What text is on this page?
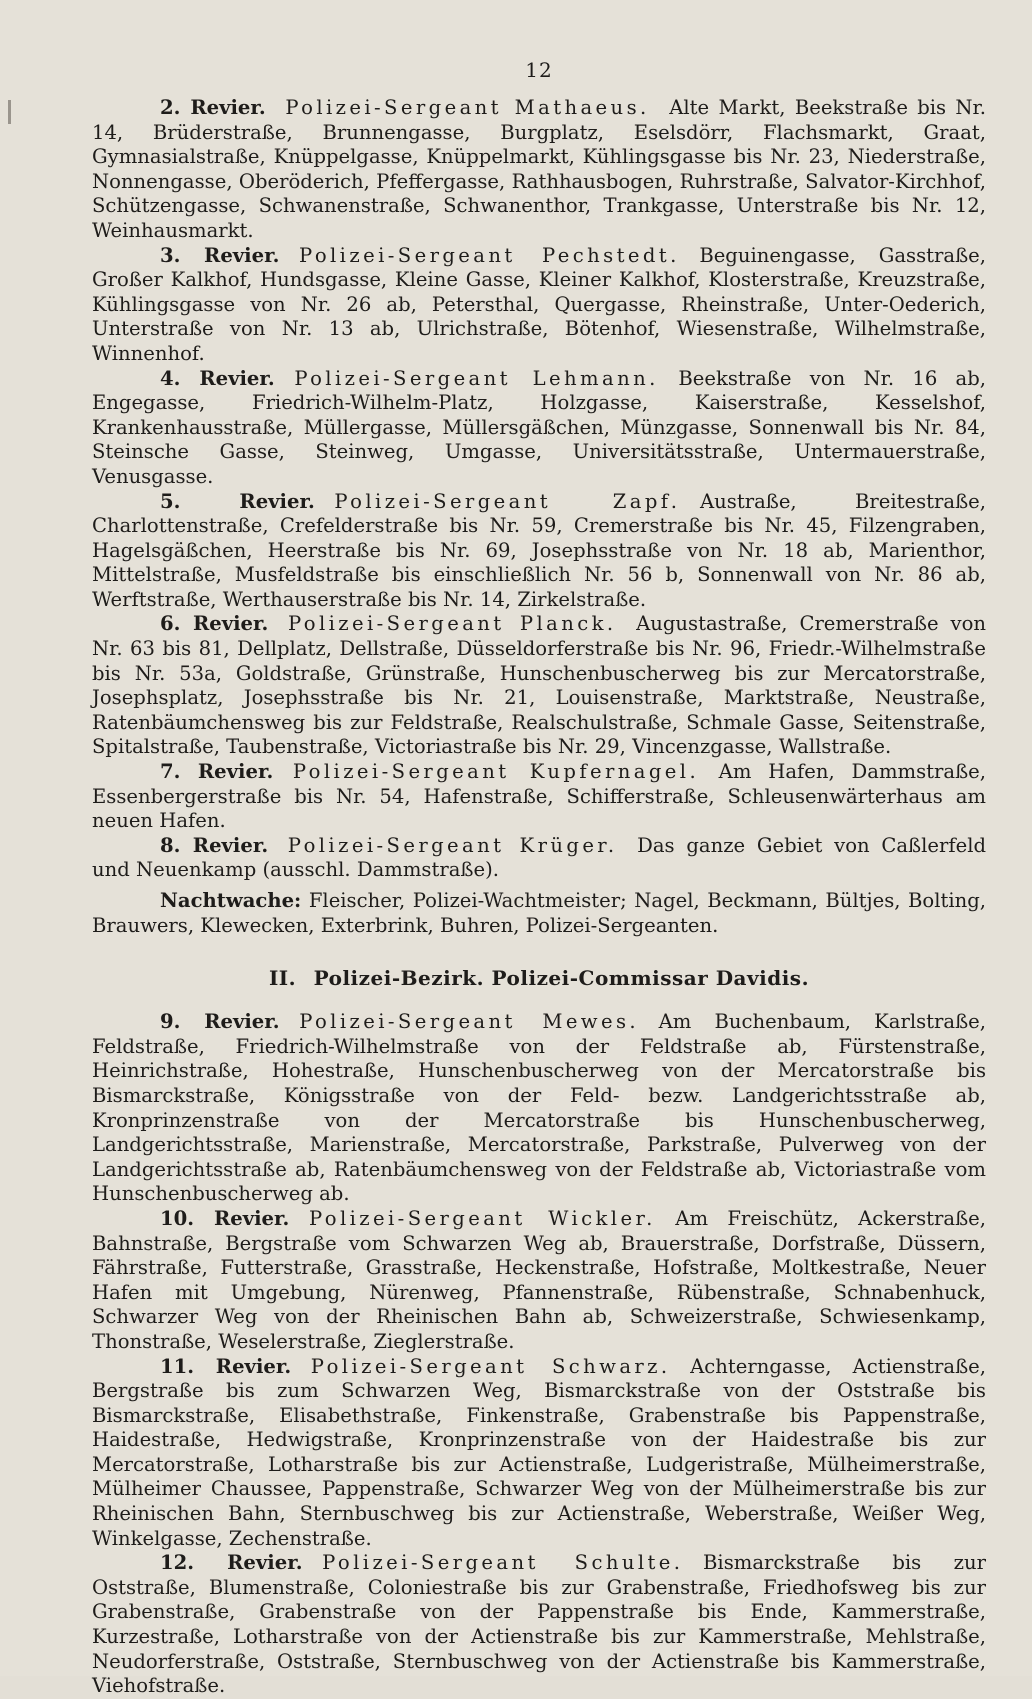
12

2. Revier.  Polizei-Sergeant Mathaeus.  Alte Markt, Beekstraße bis Nr. 14, Brüderstraße, Brunnengasse, Burgplatz, Eselsdörr, Flachsmarkt, Graat, Gymnasialstraße, Knüppelgasse, Knüppelmarkt, Kühlingsgasse bis Nr. 23, Niederstraße, Nonnengasse, Oberöderich, Pfeffergasse, Rathhausbogen, Ruhrstraße, Salvator-Kirchhof, Schützengasse, Schwanenstraße, Schwanenthor, Trankgasse, Unterstraße bis Nr. 12, Weinhausmarkt.

3. Revier.  Polizei-Sergeant Pechstedt.  Beguinengasse, Gasstraße, Großer Kalkhof, Hundsgasse, Kleine Gasse, Kleiner Kalkhof, Klosterstraße, Kreuzstraße, Kühlingsgasse von Nr. 26 ab, Petersthal, Quergasse, Rheinstraße, Unter-Oederich, Unterstraße von Nr. 13 ab, Ulrichstraße, Bötenhof, Wiesenstraße, Wilhelmstraße, Winnenhof.

4. Revier.  Polizei-Sergeant Lehmann.  Beekstraße von Nr. 16 ab, Engegasse, Friedrich-Wilhelm-Platz, Holzgasse, Kaiserstraße, Kesselshof, Krankenhausstraße, Müllergasse, Müllersgäßchen, Münzgasse, Sonnenwall bis Nr. 84, Steinsche Gasse, Steinweg, Umgasse, Universitätsstraße, Untermauerstraße, Venusgasse.

5. Revier.  Polizei-Sergeant Zapf.  Austraße, Breitestraße, Charlottenstraße, Crefelderstraße bis Nr. 59, Cremerstraße bis Nr. 45, Filzengraben, Hagelsgäßchen, Heerstraße bis Nr. 69, Josephsstraße von Nr. 18 ab, Marienthor, Mittelstraße, Musfeldstraße bis einschließlich Nr. 56 b, Sonnenwall von Nr. 86 ab, Werftstraße, Werthauserstraße bis Nr. 14, Zirkelstraße.

6. Revier.  Polizei-Sergeant Planck.  Augustastraße, Cremerstraße von Nr. 63 bis 81, Dellplatz, Dellstraße, Düsseldorferstraße bis Nr. 96, Friedr.-Wilhelmstraße bis Nr. 53a, Goldstraße, Grünstraße, Hunschenbuscherweg bis zur Mercatorstraße, Josephsplatz, Josephsstraße bis Nr. 21, Louisenstraße, Marktstraße, Neustraße, Ratenbäumchensweg bis zur Feldstraße, Realschulstraße, Schmale Gasse, Seitenstraße, Spitalstraße, Taubenstraße, Victoriastraße bis Nr. 29, Vincenzgasse, Wallstraße.

7. Revier.  Polizei-Sergeant Kupfernagel.  Am Hafen, Dammstraße, Essenbergerstraße bis Nr. 54, Hafenstraße, Schifferstraße, Schleusenwärterhaus am neuen Hafen.

8. Revier.  Polizei-Sergeant Krüger.  Das ganze Gebiet von Caßlerfeld und Neuenkamp (ausschl. Dammstraße).

Nachtwache: Fleischer, Polizei-Wachtmeister; Nagel, Beckmann, Bültjes, Bolting, Brauwers, Klewecken, Exterbrink, Buhren, Polizei-Sergeanten.

II. Polizei-Bezirk. Polizei-Commissar Davidis.

9. Revier.  Polizei-Sergeant Mewes.  Am Buchenbaum, Karlstraße, Feldstraße, Friedrich-Wilhelmstraße von der Feldstraße ab, Fürstenstraße, Heinrichstraße, Hohestraße, Hunschenbuscherweg von der Mercatorstraße bis Bismarckstraße, Königsstraße von der Feld- bezw. Landgerichtsstraße ab, Kronprinzenstraße von der Mercatorstraße bis Hunschenbuscherweg, Landgerichtsstraße, Marienstraße, Mercatorstraße, Parkstraße, Pulverweg von der Landgerichtsstraße ab, Ratenbäumchensweg von der Feldstraße ab, Victoriastraße vom Hunschenbuscherweg ab.

10. Revier.  Polizei-Sergeant Wickler.  Am Freischütz, Ackerstraße, Bahnstraße, Bergstraße vom Schwarzen Weg ab, Brauerstraße, Dorfstraße, Düssern, Fährstraße, Futterstraße, Grasstraße, Heckenstraße, Hofstraße, Moltkestraße, Neuer Hafen mit Umgebung, Nürenweg, Pfannenstraße, Rübenstraße, Schnabenhuck, Schwarzer Weg von der Rheinischen Bahn ab, Schweizerstraße, Schwiesenkamp, Thonstraße, Weselerstraße, Zieglerstraße.

11. Revier.  Polizei-Sergeant Schwarz.  Achterngasse, Actienstraße, Bergstraße bis zum Schwarzen Weg, Bismarckstraße von der Oststraße bis Bismarckstraße, Elisabethstraße, Finkenstraße, Grabenstraße bis Pappenstraße, Haidestraße, Hedwigstraße, Kronprinzenstraße von der Haidestraße bis zur Mercatorstraße, Lotharstraße bis zur Actienstraße, Ludgeristraße, Mülheimerstraße, Mülheimer Chaussee, Pappenstraße, Schwarzer Weg von der Mülheimerstraße bis zur Rheinischen Bahn, Sternbuschweg bis zur Actienstraße, Weberstraße, Weißer Weg, Winkelgasse, Zechenstraße.

12. Revier.  Polizei-Sergeant Schulte.  Bismarckstraße bis zur Oststraße, Blumenstraße, Coloniestraße bis zur Grabenstraße, Friedhofsweg bis zur Grabenstraße, Grabenstraße von der Pappenstraße bis Ende, Kammerstraße, Kurzestraße, Lotharstraße von der Actienstraße bis zur Kammerstraße, Mehlstraße, Neudorferstraße, Oststraße, Sternbuschweg von der Actienstraße bis Kammerstraße, Viehofstraße.
